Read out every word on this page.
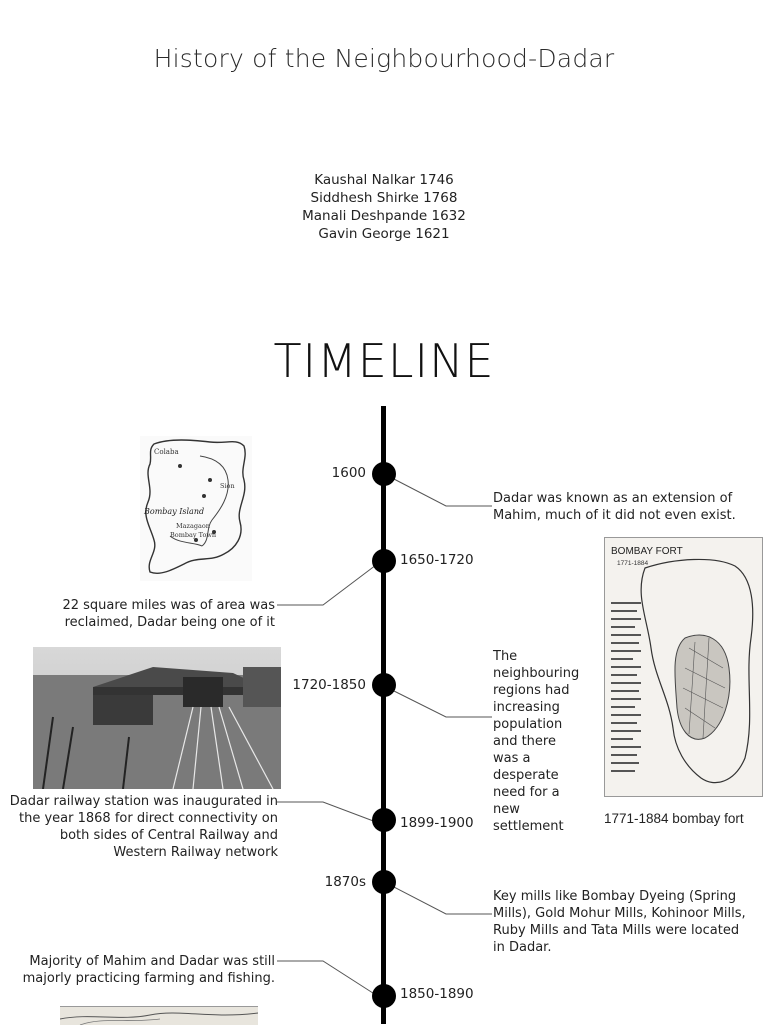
History of the Neighbourhood-Dadar
Kaushal Nalkar 1746
Siddhesh Shirke 1768
Manali Deshpande 1632
Gavin George 1621
TIMELINE
1600
1650-1720
1720-1850
1899-1900
1870s
1850-1890
Dadar was known as an extension of Mahim, much of it did not even exist.
22 square miles was of area was reclaimed, Dadar being one of it
The neighbouring regions had increasing population and there was a desperate need for a new settlement
Dadar railway station was inaugurated in the year 1868 for direct connectivity on both sides of Central Railway and Western Railway network
Key mills like Bombay Dyeing (Spring Mills), Gold Mohur Mills, Kohinoor Mills, Ruby Mills and Tata Mills were located in Dadar.
Majority of Mahim and Dadar was still majorly practicing farming and fishing.
Colaba
Bombay Island
Mazagaon
Bombay Town
Sion
BOMBAY FORT
1771-1884
1771-1884 bombay fort
